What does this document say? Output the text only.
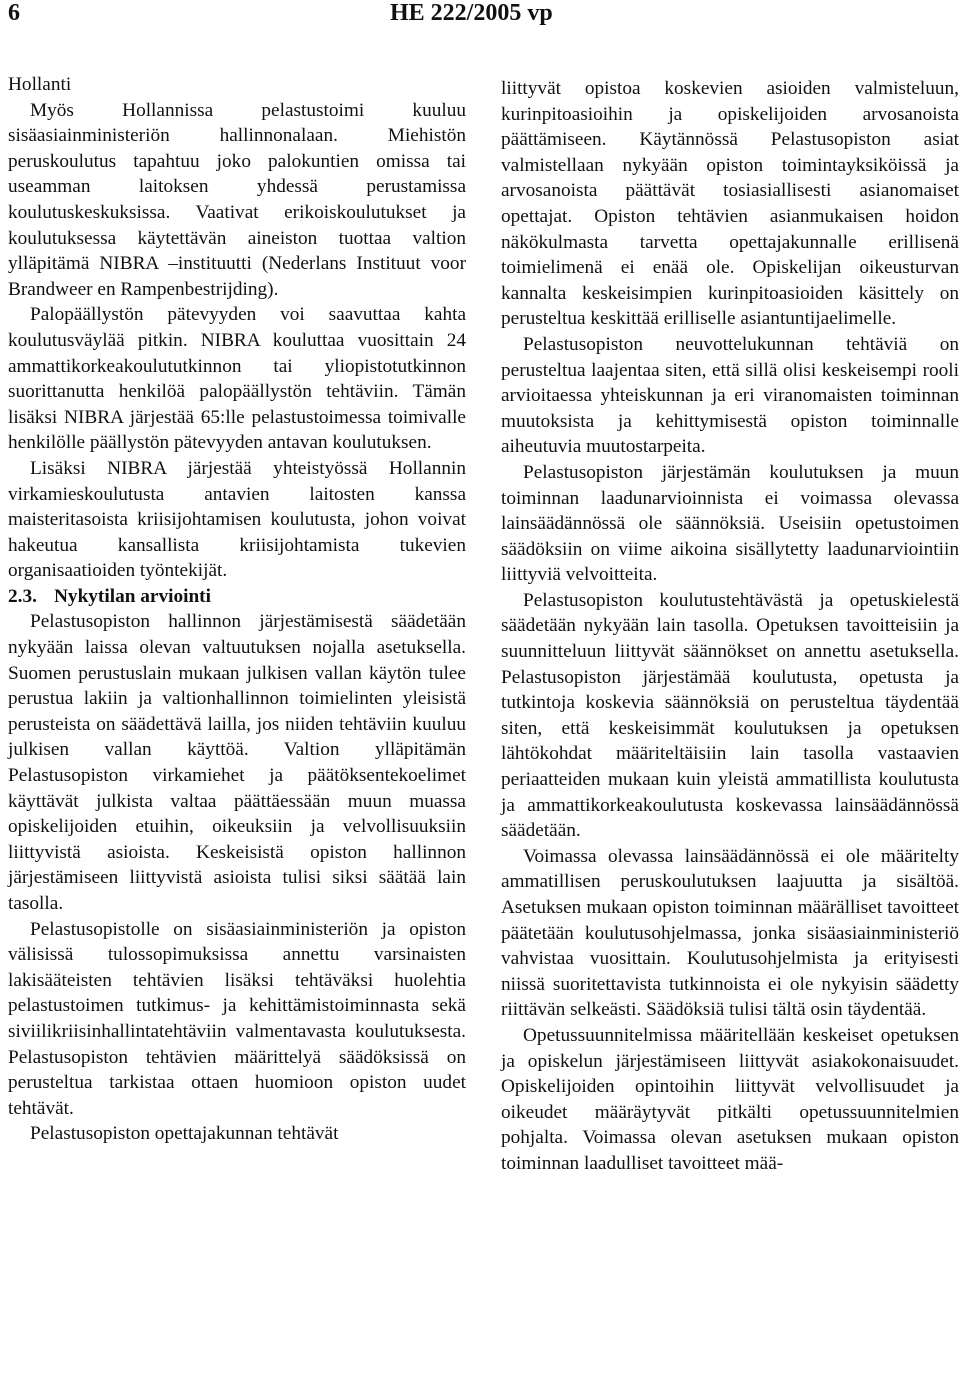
6	HE 222/2005 vp

Hollanti

Myös Hollannissa pelastustoimi kuuluu sisäasiainministeriön hallinnonalaan. Miehistön peruskoulutus tapahtuu joko palokuntien omissa tai useamman laitoksen yhdessä perustamissa koulutuskeskuksissa. Vaativat erikoiskoulutukset ja koulutuksessa käytettävän aineiston tuottaa valtion ylläpitämä NIBRA –instituutti (Nederlans Instituut voor Brandweer en Rampenbestrijding).

Palopäällystön pätevyyden voi saavuttaa kahta koulutusväylää pitkin. NIBRA kouluttaa vuosittain 24 ammattikorkeakoulututkinnon tai yliopistotutkinnon suorittanutta henkilöä palopäällystön tehtäviin. Tämän lisäksi NIBRA järjestää 65:lle pelastustoimessa toimivalle henkilölle päällystön pätevyyden antavan koulutuksen.

Lisäksi NIBRA järjestää yhteistyössä Hollannin virkamieskoulutusta antavien laitosten kanssa maisteritasoista kriisijohtamisen koulutusta, johon voivat hakeutua kansallista kriisijohtamista tukevien organisaatioiden työntekijät.

2.3. Nykytilan arviointi

Pelastusopiston hallinnon järjestämisestä säädetään nykyään laissa olevan valtuutuksen nojalla asetuksella. Suomen perustuslain mukaan julkisen vallan käytön tulee perustua lakiin ja valtionhallinnon toimielinten yleisistä perusteista on säädettävä lailla, jos niiden tehtäviin kuuluu julkisen vallan käyttöä. Valtion ylläpitämän Pelastusopiston virkamiehet ja päätöksentekoelimet käyttävät julkista valtaa päättäessään muun muassa opiskelijoiden etuihin, oikeuksiin ja velvollisuuksiin liittyvistä asioista. Keskeisistä opiston hallinnon järjestämiseen liittyvistä asioista tulisi siksi säätää lain tasolla.

Pelastusopistolle on sisäasiainministeriön ja opiston välisissä tulossopimuksissa annettu varsinaisten lakisääteisten tehtävien lisäksi tehtäväksi huolehtia pelastustoimen tutkimus- ja kehittämistoiminnasta sekä siviilikriisinhallintatehtäviin valmentavasta koulutuksesta. Pelastusopiston tehtävien määrittelyä säädöksissä on perusteltua tarkistaa ottaen huomioon opiston uudet tehtävät.

Pelastusopiston opettajakunnan tehtävät

liittyvät opistoa koskevien asioiden valmisteluun, kurinpitoasioihin ja opiskelijoiden arvosanoista päättämiseen. Käytännössä Pelastusopiston asiat valmistellaan nykyään opiston toimintayksiköissä ja arvosanoista päättävät tosiasiallisesti asianomaiset opettajat. Opiston tehtävien asianmukaisen hoidon näkökulmasta tarvetta opettajakunnalle erillisenä toimielimenä ei enää ole. Opiskelijan oikeusturvan kannalta keskeisimpien kurinpitoasioiden käsittely on perusteltua keskittää erilliselle asiantuntijaelimelle.

Pelastusopiston neuvottelukunnan tehtäviä on perusteltua laajentaa siten, että sillä olisi keskeisempi rooli arvioitaessa yhteiskunnan ja eri viranomaisten toiminnan muutoksista ja kehittymisestä opiston toiminnalle aiheutuvia muutostarpeita.

Pelastusopiston järjestämän koulutuksen ja muun toiminnan laadunarvioinnista ei voimassa olevassa lainsäädännössä ole säännöksiä. Useisiin opetustoimen säädöksiin on viime aikoina sisällytetty laadunarviointiin liittyviä velvoitteita.

Pelastusopiston koulutustehtävästä ja opetuskielestä säädetään nykyään lain tasolla. Opetuksen tavoitteisiin ja suunnitteluun liittyvät säännökset on annettu asetuksella. Pelastusopiston järjestämää koulutusta, opetusta ja tutkintoja koskevia säännöksiä on perusteltua täydentää siten, että keskeisimmät koulutuksen ja opetuksen lähtökohdat määriteltäisiin lain tasolla vastaavien periaatteiden mukaan kuin yleistä ammatillista koulutusta ja ammattikorkeakoulutusta koskevassa lainsäädännössä säädetään.

Voimassa olevassa lainsäädännössä ei ole määritelty ammatillisen peruskoulutuksen laajuutta ja sisältöä. Asetuksen mukaan opiston toiminnan määrälliset tavoitteet päätetään koulutusohjelmassa, jonka sisäasiainministeriö vahvistaa vuosittain. Koulutusohjelmista ja erityisesti niissä suoritettavista tutkinnoista ei ole nykyisin säädetty riittävän selkeästi. Säädöksiä tulisi tältä osin täydentää.

Opetussuunnitelmissa määritellään keskeiset opetuksen ja opiskelun järjestämiseen liittyvät asiakokonaisuudet. Opiskelijoiden opintoihin liittyvät velvollisuudet ja oikeudet määräytyvät pitkälti opetussuunnitelmien pohjalta. Voimassa olevan asetuksen mukaan opiston toiminnan laadulliset tavoitteet mää-
